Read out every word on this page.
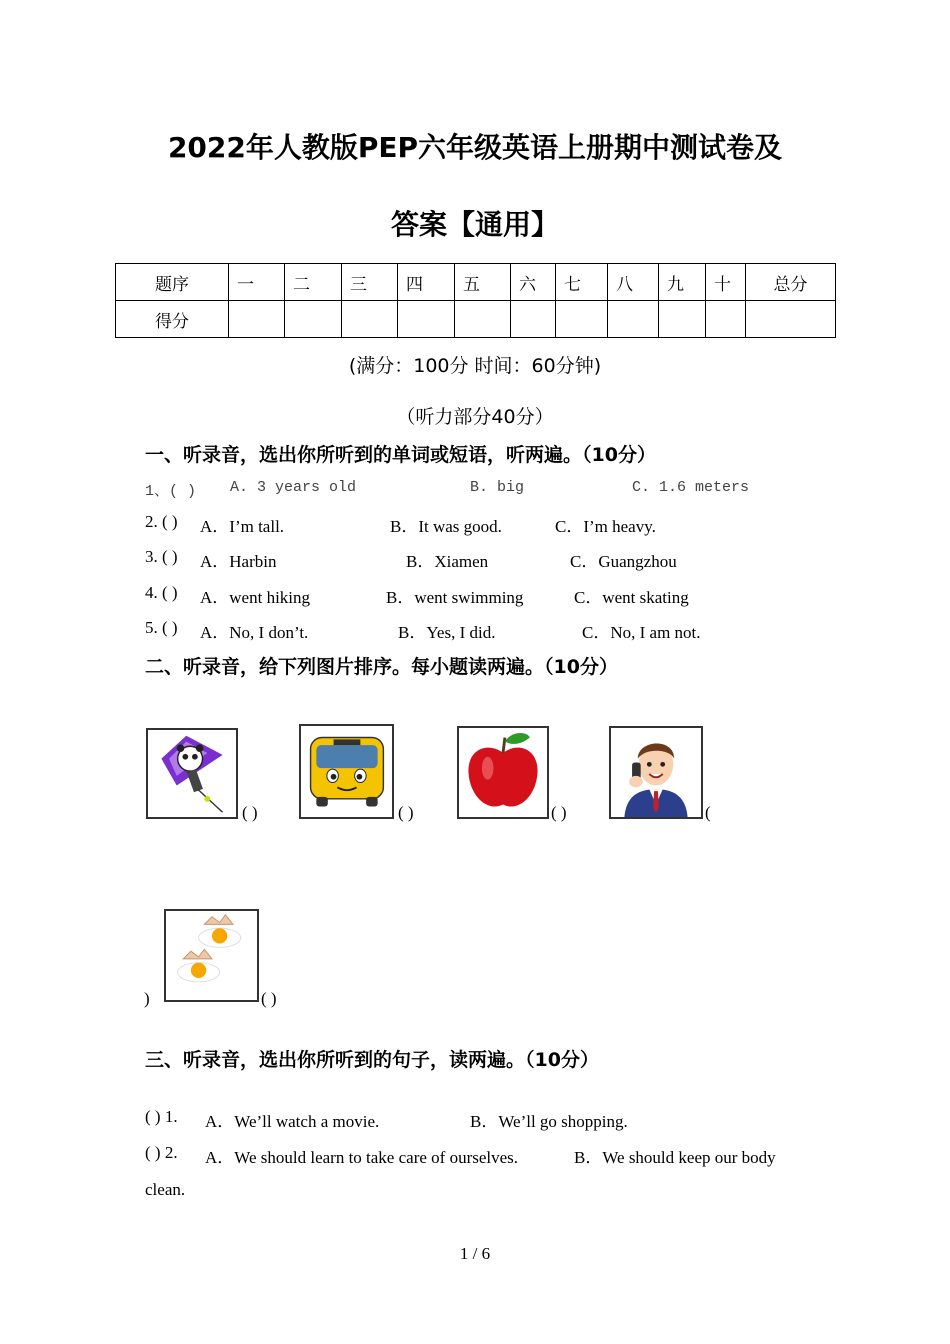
2022年人教版PEP六年级英语上册期中测试卷及
答案【通用】
题序	一	二	三	四	五	六	七	八	九	十	总分
得分											
(满分：100分 时间：60分钟)
（听力部分40分）
一、听录音，选出你所听到的单词或短语，听两遍。（10分）
1、( ) A. 3 years old	B. big	C. 1.6 meters
2. ( ) A．I’m tall.	B．It was good.	C．I’m heavy.
3. ( ) A．Harbin	B．Xiamen	C．Guangzhou
4. ( ) A．went hiking	B．went swimming	C．went skating
5. ( ) A．No, I don’t.	B．Yes, I did.	C．No, I am not.
二、听录音，给下列图片排序。每小题读两遍。（10分）
( )	( )	( )	(
)	( )
三、听录音，选出你所听到的句子，读两遍。（10分）
( ) 1. A．We’ll watch a movie.	B．We’ll go shopping.
( ) 2. A．We should learn to take care of ourselves.	B．We should keep our body
clean.
1 / 6
